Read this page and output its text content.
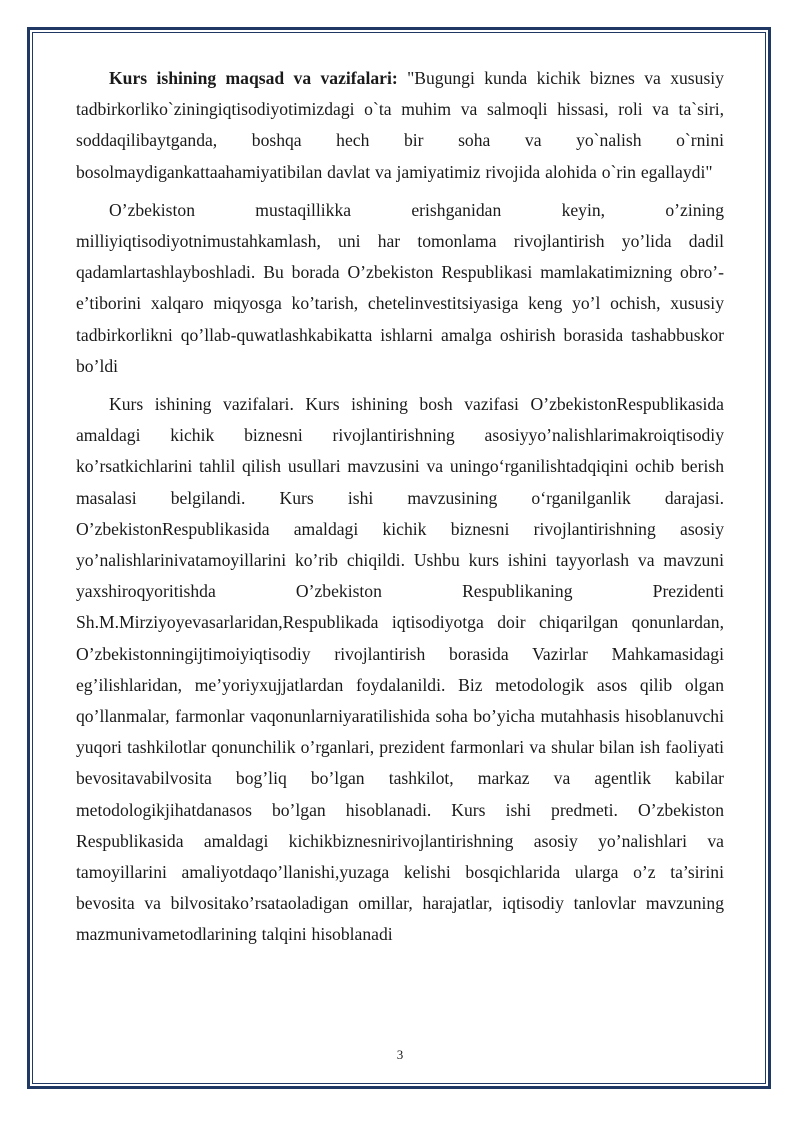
Kurs ishining maqsad va vazifalari: "Bugungi kunda kichik biznes va xususiy tadbirkorliko`ziningiqtisodiyotimizdagi o`ta muhim va salmoqli hissasi, roli va ta`siri, soddaqilibaytganda, boshqa hech bir soha va yo`nalish o`rnini bosolmaydigankattaahamiyatibilan davlat va jamiyatimiz rivojida alohida o`rin egallaydi"

O’zbekiston mustaqillikka erishganidan keyin, o’zining milliyiqtisodiyotnimustahkamlash, uni har tomonlama rivojlantirish yo’lida dadil qadamlartashlayboshladi. Bu borada O’zbekiston Respublikasi mamlakatimizning obro’-e’tiborini xalqaro miqyosga ko’tarish, chetelinvestitsiyasiga keng yo’l ochish, xususiy tadbirkorlikni qo’llab-quwatlashkabikatta ishlarni amalga oshirish borasida tashabbuskor bo’ldi

Kurs ishining vazifalari. Kurs ishining bosh vazifasi O’zbekistonRespublikasida amaldagi kichik biznesni rivojlantirishning asosiyyo’nalishlarimakroiqtisodiy ko’rsatkichlarini tahlil qilish usullari mavzusini va uningo‘rganilishtadqiqini ochib berish masalasi belgilandi. Kurs ishi mavzusining o‘rganilganlik darajasi. O’zbekistonRespublikasida amaldagi kichik biznesni rivojlantirishning asosiy yo’nalishlarinivatamoyillarini ko’rib chiqildi. Ushbu kurs ishini tayyorlash va mavzuni yaxshiroqyoritishda O’zbekiston Respublikaning Prezidenti Sh.M.Mirziyoyevasarlaridan,Respublikada iqtisodiyotga doir chiqarilgan qonunlardan, O’zbekistonningijtimoiyiqtisodiy rivojlantirish borasida Vazirlar Mahkamasidagi eg’ilishlaridan, me’yoriyxujjatlardan foydalanildi. Biz metodologik asos qilib olgan qo’llanmalar, farmonlar vaqonunlarniyaratilishida soha bo’yicha mutahhasis hisoblanuvchi yuqori tashkilotlar qonunchilik o’rganlari, prezident farmonlari va shular bilan ish faoliyati bevositavabilvosita bog’liq bo’lgan tashkilot, markaz va agentlik kabilar metodologikjihatdanasos bo’lgan hisoblanadi. Kurs ishi predmeti. O’zbekiston Respublikasida amaldagi kichikbiznesnirivojlantirishning asosiy yo’nalishlari va tamoyillarini amaliyotdaqo’llanishi,yuzaga kelishi bosqichlarida ularga o’z ta’sirini bevosita va bilvositako’rsataoladigan omillar, harajatlar, iqtisodiy tanlovlar mavzuning mazmunivametodlarining talqini hisoblanadi

3
